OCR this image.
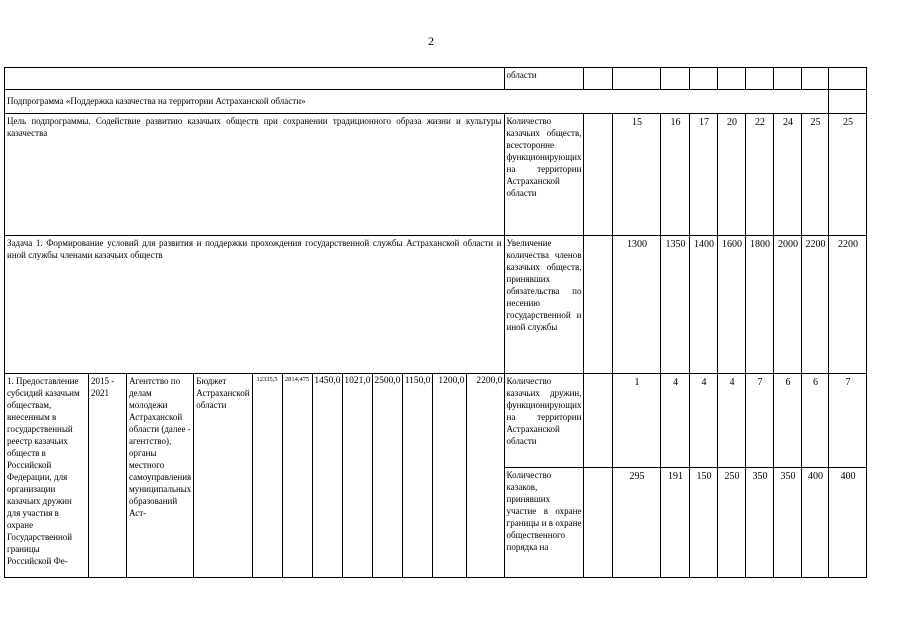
2
												области									
Подпрограмма «Поддержка казачества на территории Астраханской области»																					
Цель подпрограммы. Содействие развитию казачьих обществ при сохранении традиционного образа жизни и культуры казачества												Количество казачьих обществ, всесторонне функционирующих на территории Астраханской области		15	16	17	20	22	24	25	25
Задача 1. Формирование условий для развития и поддержки прохождения государственной службы Астраханской области и иной службы членами казачьих обществ												Увеличение количества членов казачьих обществ, принявших обязательства по несению государственной и иной службы		1300	1350	1400	1600	1800	2000	2200	2200
1. Предоставление субсидий казачьим обществам, внесенным в государственный реестр казачьих обществ в Российской Федерации, для организации казачьих дружин для участия в охране Государственной границы Российской Фе-	2015 - 2021	Агентство по делам молодежи Астраханской области (далее - агентство), органы местного самоуправления муниципальных образований Аст-	Бюджет Астраханской области	12335,5	2814,475	1450,0	1021,0	2500,0	1150,0	1200,0	2200,0	Количество казачьих дружин, функционирующих на территории Астраханской области		1	4	4	4	7	6	6	7
												Количество казаков, принявших участие в охране границы и в охране общественного порядка на		295	191	150	250	350	350	400	400
